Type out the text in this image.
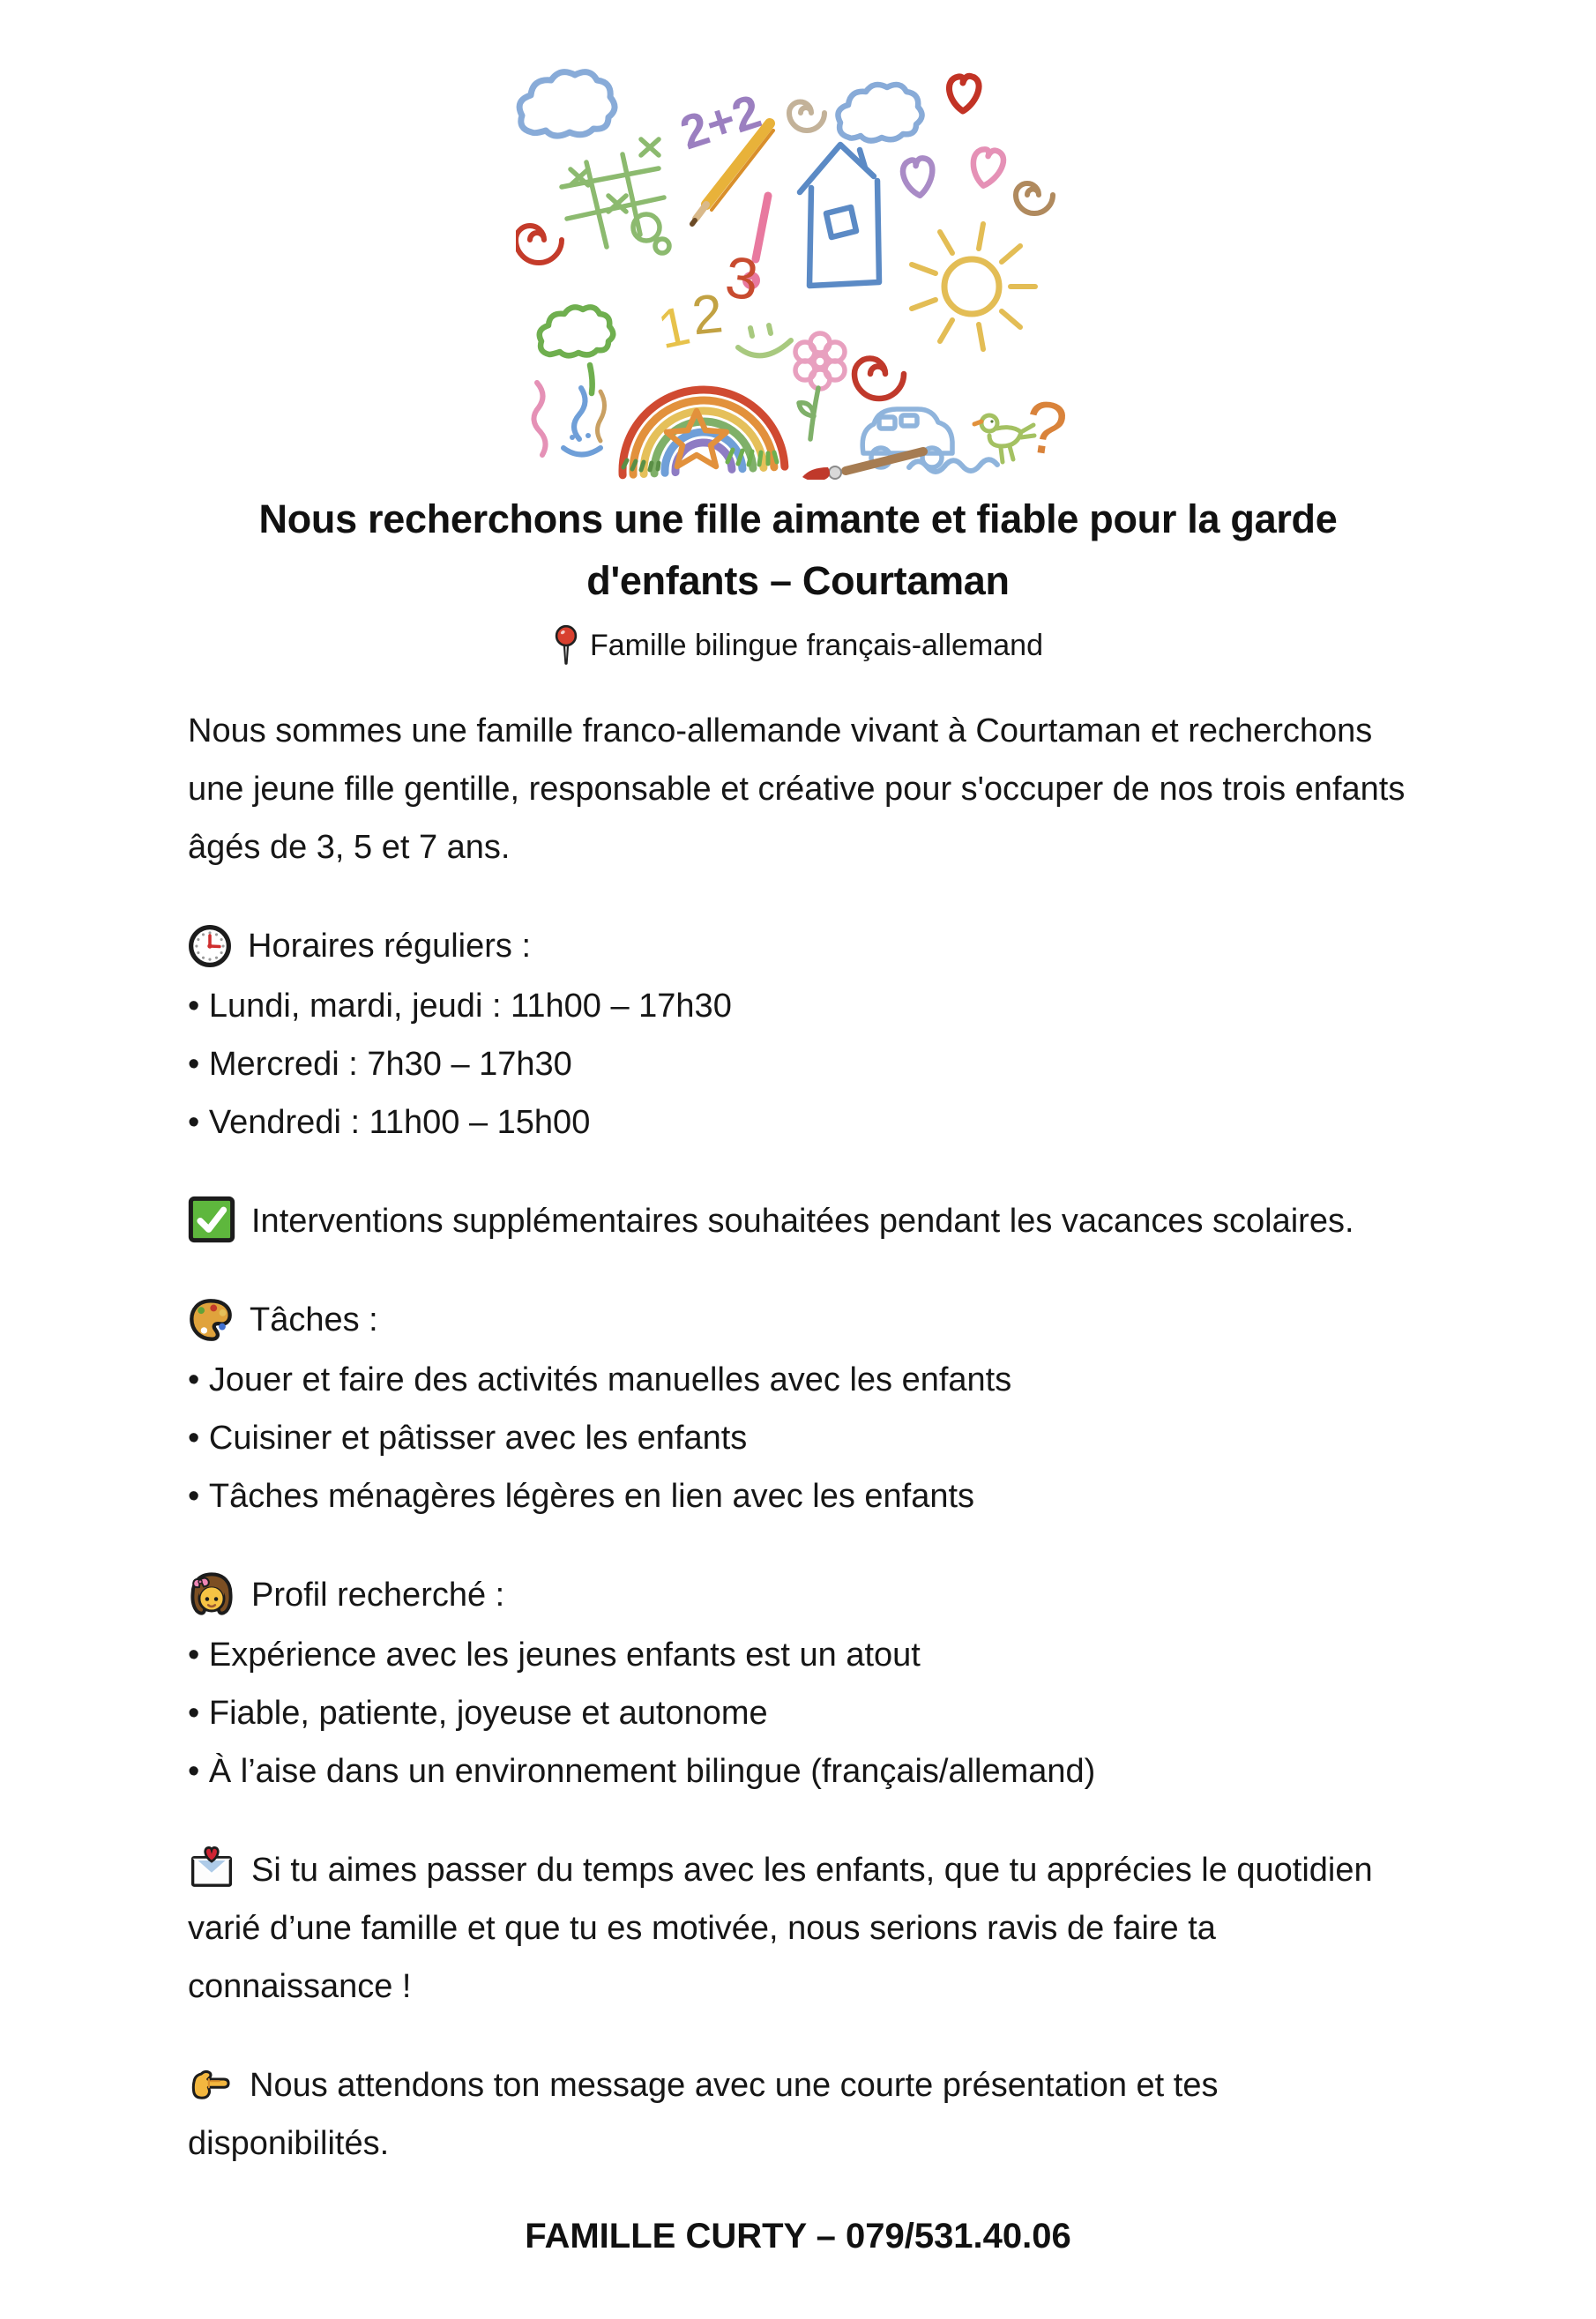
2+2
1
2
3
?
Nous recherchons une fille aimante et fiable pour la garde
d'enfants – Courtaman
Famille bilingue français-allemand

Nous sommes une famille franco-allemande vivant à Courtaman et recherchons une jeune fille gentille, responsable et créative pour s'occuper de nos trois enfants âgés de 3, 5 et 7 ans.

Horaires réguliers :
• Lundi, mardi, jeudi : 11h00 – 17h30
• Mercredi : 7h30 – 17h30
• Vendredi : 11h00 – 15h00

Interventions supplémentaires souhaitées pendant les vacances scolaires.

Tâches :
• Jouer et faire des activités manuelles avec les enfants
• Cuisiner et pâtisser avec les enfants
• Tâches ménagères légères en lien avec les enfants
Profil recherché :
• Expérience avec les jeunes enfants est un atout
• Fiable, patiente, joyeuse et autonome
• À l’aise dans un environnement bilingue (français/allemand)

Si tu aimes passer du temps avec les enfants, que tu apprécies le quotidien varié d’une famille et que tu es motivée, nous serions ravis de faire ta connaissance !

Nous attendons ton message avec une courte présentation et tes disponibilités.

FAMILLE CURTY – 079/531.40.06
